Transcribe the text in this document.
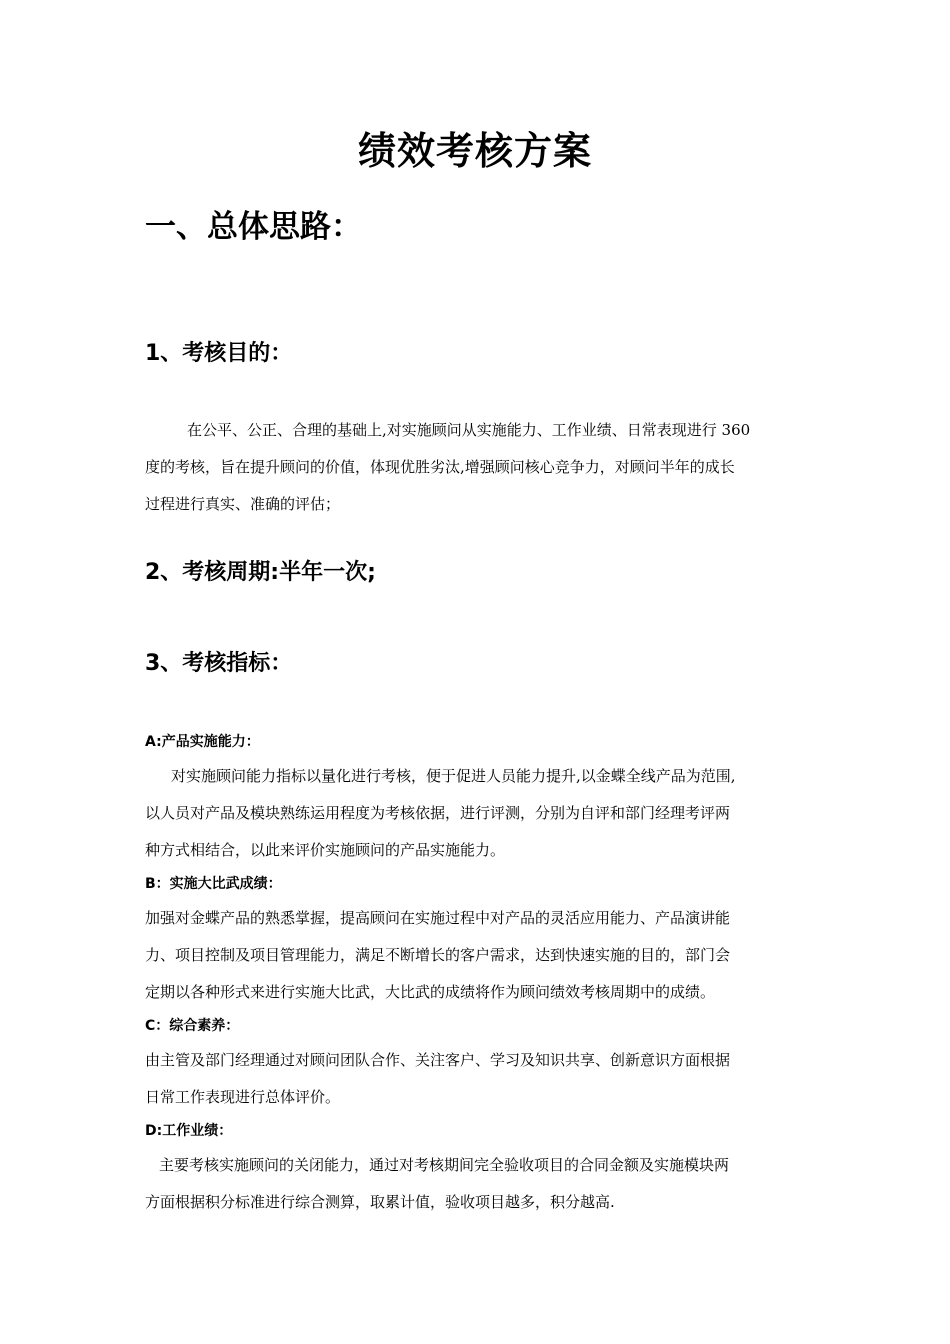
绩效考核方案
一、总体思路：
1、考核目的：
在公平、公正、合理的基础上,对实施顾问从实施能力、工作业绩、日常表现进行 360
度的考核，旨在提升顾问的价值，体现优胜劣汰,增强顾问核心竞争力，对顾问半年的成长
过程进行真实、准确的评估；
2、考核周期:半年一次;
3、考核指标：
A:产品实施能力：
对实施顾问能力指标以量化进行考核，便于促进人员能力提升,以金蝶全线产品为范围,
以人员对产品及模块熟练运用程度为考核依据，进行评测，分别为自评和部门经理考评两
种方式相结合，以此来评价实施顾问的产品实施能力。
B：实施大比武成绩：
加强对金蝶产品的熟悉掌握，提高顾问在实施过程中对产品的灵活应用能力、产品演讲能
力、项目控制及项目管理能力，满足不断增长的客户需求，达到快速实施的目的，部门会
定期以各种形式来进行实施大比武，大比武的成绩将作为顾问绩效考核周期中的成绩。
C：综合素养：
由主管及部门经理通过对顾问团队合作、关注客户、学习及知识共享、创新意识方面根据
日常工作表现进行总体评价。
D:工作业绩：
主要考核实施顾问的关闭能力，通过对考核期间完全验收项目的合同金额及实施模块两
方面根据积分标准进行综合测算，取累计值，验收项目越多，积分越高.
